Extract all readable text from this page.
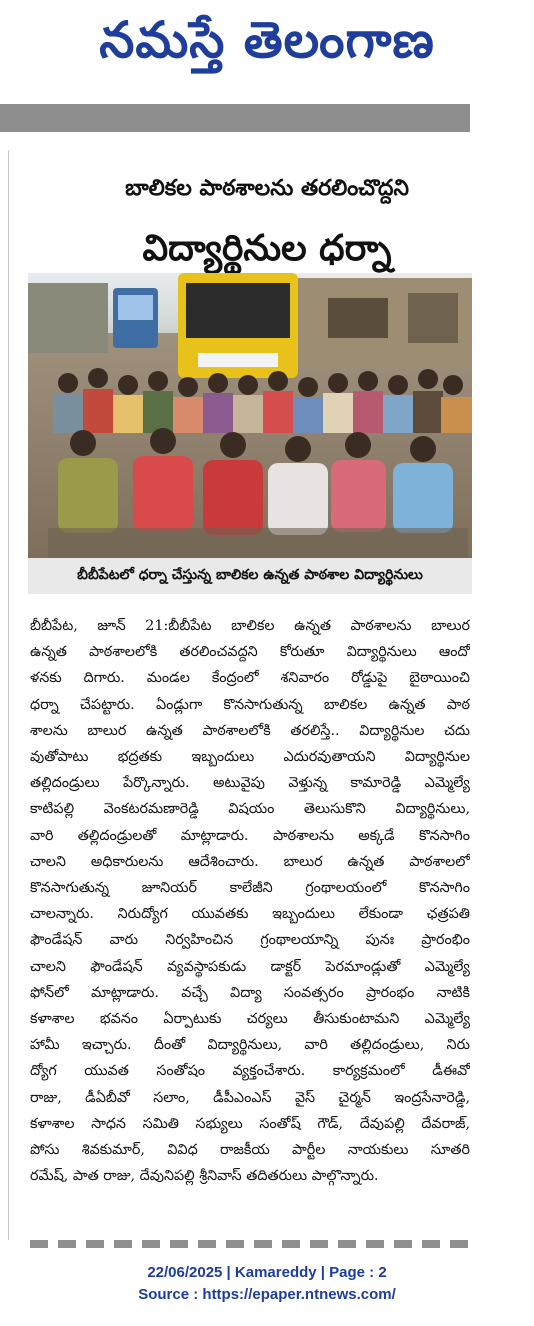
నమస్తే తెలంగాణ
బాలికల పాఠశాలను తరలించొద్దని
విద్యార్థినుల ధర్నా
బీబీపేటలో ధర్నా చేస్తున్న బాలికల ఉన్నత పాఠశాల విద్యార్థినులు
బీబీపేట, జూన్ 21:బీబీపేట బాలికల ఉన్నత పాఠశాలను బాలుర
ఉన్నత పాఠశాలలోకి తరలించవద్దని కోరుతూ విద్యార్థినులు ఆందో
ళనకు దిగారు. మండల కేంద్రంలో శనివారం రోడ్డుపై బైఠాయించి
ధర్నా చేపట్టారు. ఏండ్లుగా కొనసాగుతున్న బాలికల ఉన్నత పాఠ
శాలను బాలుర ఉన్నత పాఠశాలలోకి తరలిస్తే.. విద్యార్థినుల చదు
వుతోపాటు భద్రతకు ఇబ్బందులు ఎదురవుతాయని విద్యార్థినుల
తల్లిదండ్రులు పేర్కొన్నారు. అటువైపు వెళ్తున్న కామారెడ్డి ఎమ్మెల్యే
కాటిపల్లి వెంకటరమణారెడ్డి విషయం తెలుసుకొని విద్యార్థినులు,
వారి తల్లిదండ్రులతో మాట్లాడారు. పాఠశాలను అక్కడే కొనసాగిం
చాలని అధికారులను ఆదేశించారు. బాలుర ఉన్నత పాఠశాలలో
కొనసాగుతున్న జూనియర్ కాలేజీని గ్రంథాలయంలో కొనసాగిం
చాలన్నారు. నిరుద్యోగ యువతకు ఇబ్బందులు లేకుండా ఛత్రపతి
ఫౌండేషన్ వారు నిర్వహించిన గ్రంథాలయాన్ని పునః ప్రారంభిం
చాలని ఫౌండేషన్ వ్యవస్థాపకుడు డాక్టర్ పెరమాండ్లుతో ఎమ్మెల్యే
ఫోన్‌లో మాట్లాడారు. వచ్చే విద్యా సంవత్సరం ప్రారంభం నాటికి
కళాశాల భవనం ఏర్పాటుకు చర్యలు తీసుకుంటామని ఎమ్మెల్యే
హామీ ఇచ్చారు. దీంతో విద్యార్థినులు, వారి తల్లిదండ్రులు, నిరు
ద్యోగ యువత సంతోషం వ్యక్తంచేశారు. కార్యక్రమంలో డీఈవో
రాజు, డీఏబీవో సలాం, డీపీఎంఎస్ వైస్ చైర్మన్ ఇంద్రసేనారెడ్డి,
కళాశాల సాధన సమితి సభ్యులు సంతోష్ గౌడ్, దేవుపల్లి దేవరాజ్,
పోసు శివకుమార్, వివిధ రాజకీయ పార్టీల నాయకులు సూతరి
రమేష్, పాత రాజు, దేవునిపల్లి శ్రీనివాస్ తదితరులు పాల్గొన్నారు.
22/06/2025 | Kamareddy | Page : 2
Source : https://epaper.ntnews.com/
